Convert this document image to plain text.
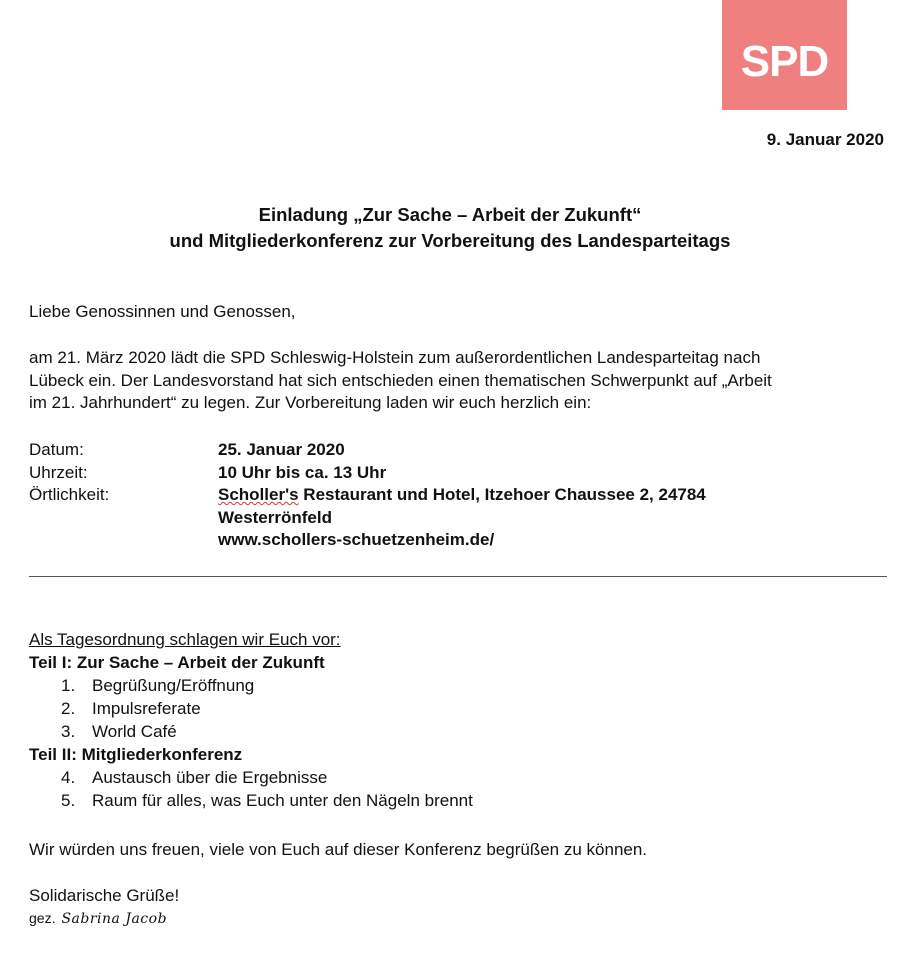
SPD
9. Januar 2020
Einladung „Zur Sache – Arbeit der Zukunft“
und Mitgliederkonferenz zur Vorbereitung des Landesparteitags
Liebe Genossinnen und Genossen,
am 21. März 2020 lädt die SPD Schleswig-Holstein zum außerordentlichen Landesparteitag nach
Lübeck ein. Der Landesvorstand hat sich entschieden einen thematischen Schwerpunkt auf „Arbeit
im 21. Jahrhundert“ zu legen. Zur Vorbereitung laden wir euch herzlich ein:
Datum:	25. Januar 2020
Uhrzeit:	10 Uhr bis ca. 13 Uhr
Örtlichkeit:	Scholler's Restaurant und Hotel, Itzehoer Chaussee 2, 24784
Westerrönfeld
www.schollers-schuetzenheim.de/
Als Tagesordnung schlagen wir Euch vor:
Teil I: Zur Sache – Arbeit der Zukunft
1. Begrüßung/Eröffnung
2. Impulsreferate
3. World Café
Teil II: Mitgliederkonferenz
4. Austausch über die Ergebnisse
5. Raum für alles, was Euch unter den Nägeln brennt
Wir würden uns freuen, viele von Euch auf dieser Konferenz begrüßen zu können.
Solidarische Grüße!
gez. Sabrina Jacob
